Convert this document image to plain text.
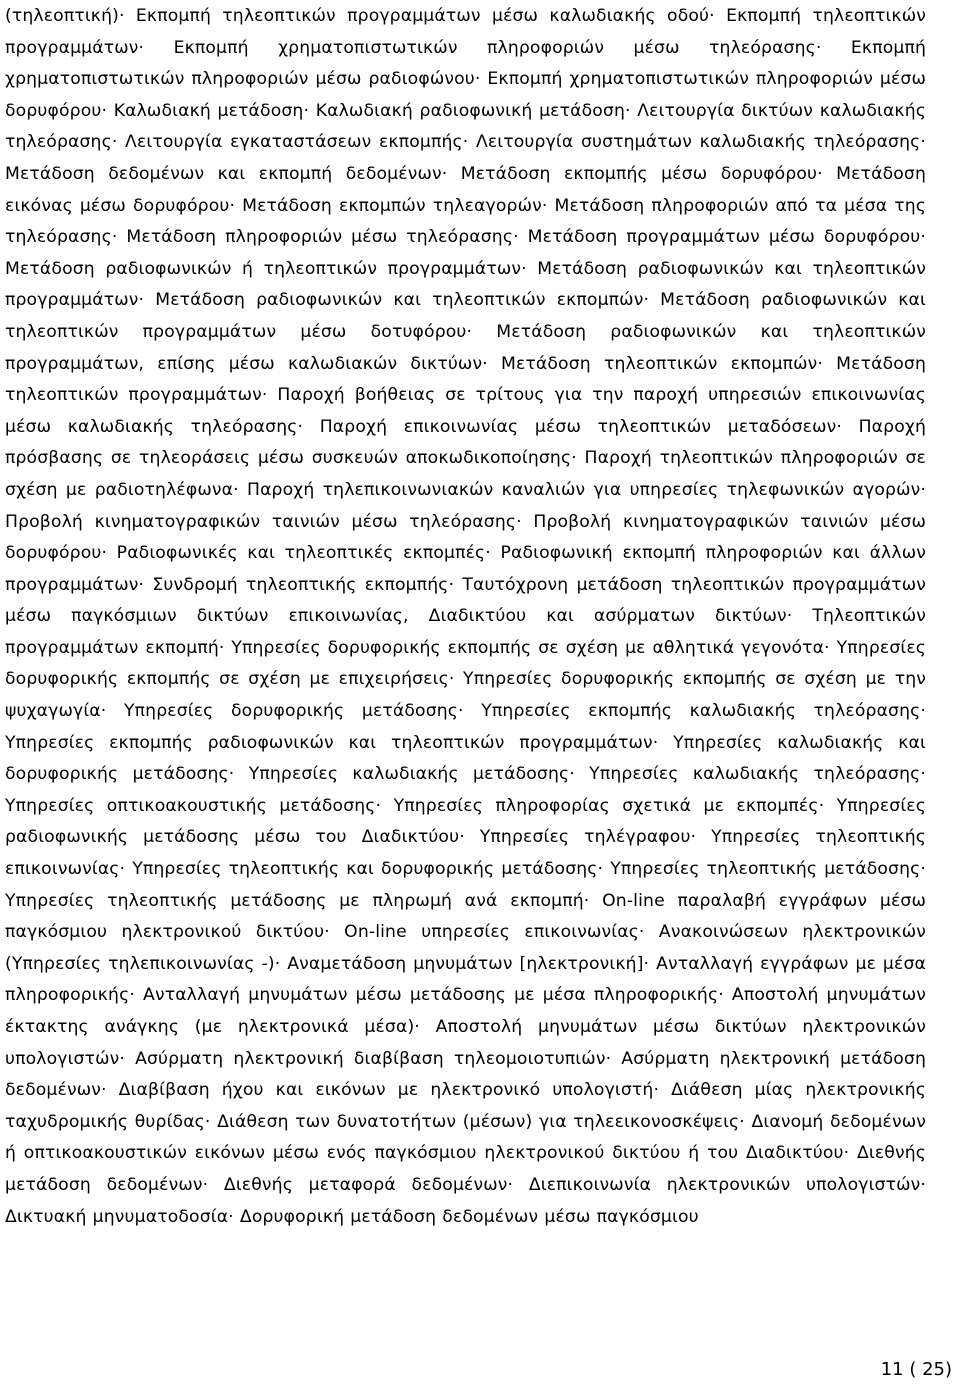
(τηλεοπτική)· Εκπομπή τηλεοπτικών προγραμμάτων μέσω καλωδιακής οδού· Εκπομπή τηλεοπτικών προγραμμάτων· Εκπομπή χρηματοπιστωτικών πληροφοριών μέσω τηλεόρασης· Εκπομπή χρηματοπιστωτικών πληροφοριών μέσω ραδιοφώνου· Εκπομπή χρηματοπιστωτικών πληροφοριών μέσω δορυφόρου· Καλωδιακή μετάδοση· Καλωδιακή ραδιοφωνική μετάδοση· Λειτουργία δικτύων καλωδιακής τηλεόρασης· Λειτουργία εγκαταστάσεων εκπομπής· Λειτουργία συστημάτων καλωδιακής τηλεόρασης· Μετάδοση δεδομένων και εκπομπή δεδομένων· Μετάδοση εκπομπής μέσω δορυφόρου· Μετάδοση εικόνας μέσω δορυφόρου· Μετάδοση εκπομπών τηλεαγορών· Μετάδοση πληροφοριών από τα μέσα της τηλεόρασης· Μετάδοση πληροφοριών μέσω τηλεόρασης· Μετάδοση προγραμμάτων μέσω δορυφόρου· Μετάδοση ραδιοφωνικών ή τηλεοπτικών προγραμμάτων· Μετάδοση ραδιοφωνικών και τηλεοπτικών προγραμμάτων· Μετάδοση ραδιοφωνικών και τηλεοπτικών εκπομπών· Μετάδοση ραδιοφωνικών και τηλεοπτικών προγραμμάτων μέσω δοτυφόρου· Μετάδοση ραδιοφωνικών και τηλεοπτικών προγραμμάτων, επίσης μέσω καλωδιακών δικτύων· Μετάδοση τηλεοπτικών εκπομπών· Μετάδοση τηλεοπτικών προγραμμάτων· Παροχή βοήθειας σε τρίτους για την παροχή υπηρεσιών επικοινωνίας μέσω καλωδιακής τηλεόρασης· Παροχή επικοινωνίας μέσω τηλεοπτικών μεταδόσεων· Παροχή πρόσβασης σε τηλεοράσεις μέσω συσκευών αποκωδικοποίησης· Παροχή τηλεοπτικών πληροφοριών σε σχέση με ραδιοτηλέφωνα· Παροχή τηλεπικοινωνιακών καναλιών για υπηρεσίες τηλεφωνικών αγορών· Προβολή κινηματογραφικών ταινιών μέσω τηλεόρασης· Προβολή κινηματογραφικών ταινιών μέσω δορυφόρου· Ραδιοφωνικές και τηλεοπτικές εκπομπές· Ραδιοφωνική εκπομπή πληροφοριών και άλλων προγραμμάτων· Συνδρομή τηλεοπτικής εκπομπής· Ταυτόχρονη μετάδοση τηλεοπτικών προγραμμάτων μέσω παγκόσμιων δικτύων επικοινωνίας, Διαδικτύου και ασύρματων δικτύων· Τηλεοπτικών προγραμμάτων εκπομπή· Υπηρεσίες δορυφορικής εκπομπής σε σχέση με αθλητικά γεγονότα· Υπηρεσίες δορυφορικής εκπομπής σε σχέση με επιχειρήσεις· Υπηρεσίες δορυφορικής εκπομπής σε σχέση με την ψυχαγωγία· Υπηρεσίες δορυφορικής μετάδοσης· Υπηρεσίες εκπομπής καλωδιακής τηλεόρασης· Υπηρεσίες εκπομπής ραδιοφωνικών και τηλεοπτικών προγραμμάτων· Υπηρεσίες καλωδιακής και δορυφορικής μετάδοσης· Υπηρεσίες καλωδιακής μετάδοσης· Υπηρεσίες καλωδιακής τηλεόρασης· Υπηρεσίες οπτικοακουστικής μετάδοσης· Υπηρεσίες πληροφορίας σχετικά με εκπομπές· Υπηρεσίες ραδιοφωνικής μετάδοσης μέσω του Διαδικτύου· Υπηρεσίες τηλέγραφου· Υπηρεσίες τηλεοπτικής επικοινωνίας· Υπηρεσίες τηλεοπτικής και δορυφορικής μετάδοσης· Υπηρεσίες τηλεοπτικής μετάδοσης· Υπηρεσίες τηλεοπτικής μετάδοσης με πληρωμή ανά εκπομπή· On-line παραλαβή εγγράφων μέσω παγκόσμιου ηλεκτρονικού δικτύου· On-line υπηρεσίες επικοινωνίας· Ανακοινώσεων ηλεκτρονικών (Υπηρεσίες τηλεπικοινωνίας -)· Αναμετάδοση μηνυμάτων [ηλεκτρονική]· Ανταλλαγή εγγράφων με μέσα πληροφορικής· Ανταλλαγή μηνυμάτων μέσω μετάδοσης με μέσα πληροφορικής· Αποστολή μηνυμάτων έκτακτης ανάγκης (με ηλεκτρονικά μέσα)· Αποστολή μηνυμάτων μέσω δικτύων ηλεκτρονικών υπολογιστών· Ασύρματη ηλεκτρονική διαβίβαση τηλεομοιοτυπιών· Ασύρματη ηλεκτρονική μετάδοση δεδομένων· Διαβίβαση ήχου και εικόνων με ηλεκτρονικό υπολογιστή· Διάθεση μίας ηλεκτρονικής ταχυδρομικής θυρίδας· Διάθεση των δυνατοτήτων (μέσων) για τηλεεικονοσκέψεις· Διανομή δεδομένων ή οπτικοακουστικών εικόνων μέσω ενός παγκόσμιου ηλεκτρονικού δικτύου ή του Διαδικτύου· Διεθνής μετάδοση δεδομένων· Διεθνής μεταφορά δεδομένων· Διεπικοινωνία ηλεκτρονικών υπολογιστών· Δικτυακή μηνυματοδοσία· Δορυφορική μετάδοση δεδομένων μέσω παγκόσμιου

11 ( 25)
